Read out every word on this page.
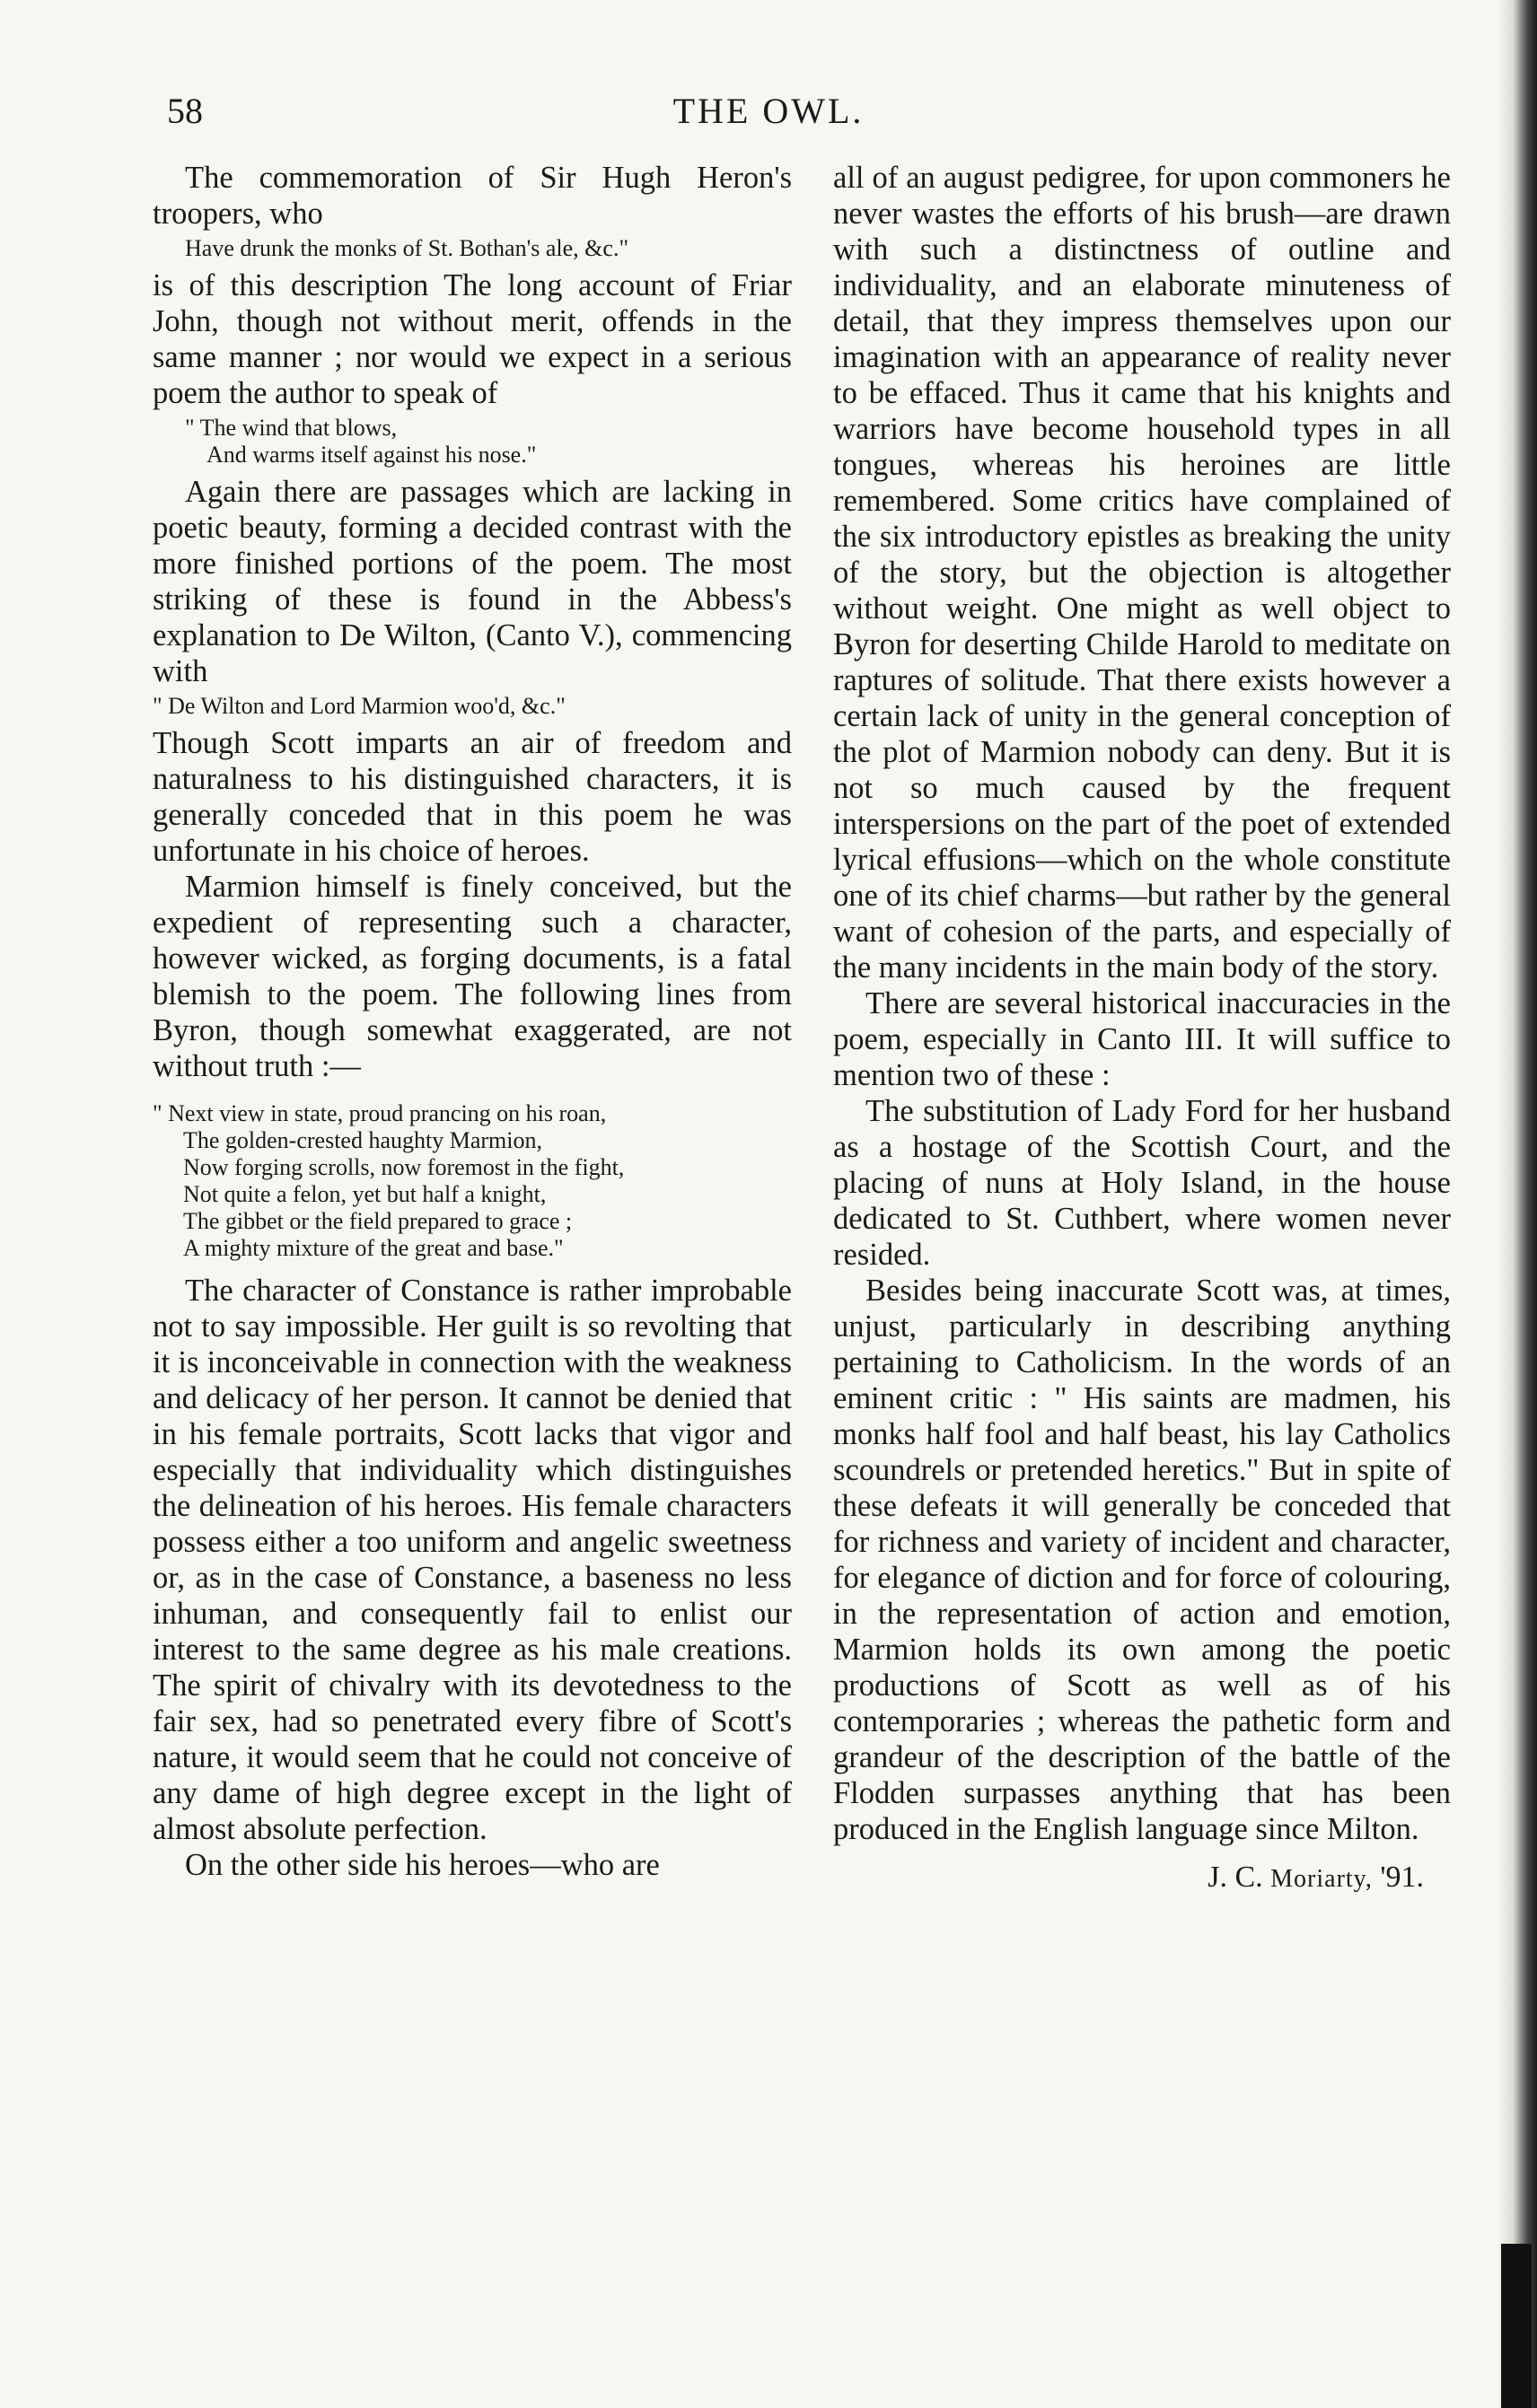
58	THE OWL.

The commemoration of Sir Hugh Heron's troopers, who

Have drunk the monks of St. Bothan's ale, &c."

is of this description The long account of Friar John, though not without merit, offends in the same manner ; nor would we expect in a serious poem the author to speak of

" The wind that blows,
And warms itself against his nose."

Again there are passages which are lacking in poetic beauty, forming a decided contrast with the more finished portions of the poem. The most striking of these is found in the Abbess's explanation to De Wilton, (Canto V.), commencing with

" De Wilton and Lord Marmion woo'd, &c."

Though Scott imparts an air of freedom and naturalness to his distinguished characters, it is generally conceded that in this poem he was unfortunate in his choice of heroes.

Marmion himself is finely conceived, but the expedient of representing such a character, however wicked, as forging documents, is a fatal blemish to the poem. The following lines from Byron, though somewhat exaggerated, are not without truth :—

" Next view in state, proud prancing on his roan,
The golden-crested haughty Marmion,
Now forging scrolls, now foremost in the fight,
Not quite a felon, yet but half a knight,
The gibbet or the field prepared to grace ;
A mighty mixture of the great and base."

The character of Constance is rather improbable not to say impossible. Her guilt is so revolting that it is inconceivable in connection with the weakness and delicacy of her person. It cannot be denied that in his female portraits, Scott lacks that vigor and especially that individuality which distinguishes the delineation of his heroes. His female characters possess either a too uniform and angelic sweetness or, as in the case of Constance, a baseness no less inhuman, and consequently fail to enlist our interest to the same degree as his male creations. The spirit of chivalry with its devotedness to the fair sex, had so penetrated every fibre of Scott's nature, it would seem that he could not conceive of any dame of high degree except in the light of almost absolute perfection.

On the other side his heroes—who are

all of an august pedigree, for upon commoners he never wastes the efforts of his brush—are drawn with such a distinctness of outline and individuality, and an elaborate minuteness of detail, that they impress themselves upon our imagination with an appearance of reality never to be effaced. Thus it came that his knights and warriors have become household types in all tongues, whereas his heroines are little remembered. Some critics have complained of the six introductory epistles as breaking the unity of the story, but the objection is altogether without weight. One might as well object to Byron for deserting Childe Harold to meditate on raptures of solitude. That there exists however a certain lack of unity in the general conception of the plot of Marmion nobody can deny. But it is not so much caused by the frequent interspersions on the part of the poet of extended lyrical effusions—which on the whole constitute one of its chief charms—but rather by the general want of cohesion of the parts, and especially of the many incidents in the main body of the story.

There are several historical inaccuracies in the poem, especially in Canto III. It will suffice to mention two of these :

The substitution of Lady Ford for her husband as a hostage of the Scottish Court, and the placing of nuns at Holy Island, in the house dedicated to St. Cuthbert, where women never resided.

Besides being inaccurate Scott was, at times, unjust, particularly in describing anything pertaining to Catholicism. In the words of an eminent critic : " His saints are madmen, his monks half fool and half beast, his lay Catholics scoundrels or pretended heretics." But in spite of these defeats it will generally be conceded that for richness and variety of incident and character, for elegance of diction and for force of colouring, in the representation of action and emotion, Marmion holds its own among the poetic productions of Scott as well as of his contemporaries ; whereas the pathetic form and grandeur of the description of the battle of the Flodden surpasses anything that has been produced in the English language since Milton.

J. C. Moriarty, '91.
